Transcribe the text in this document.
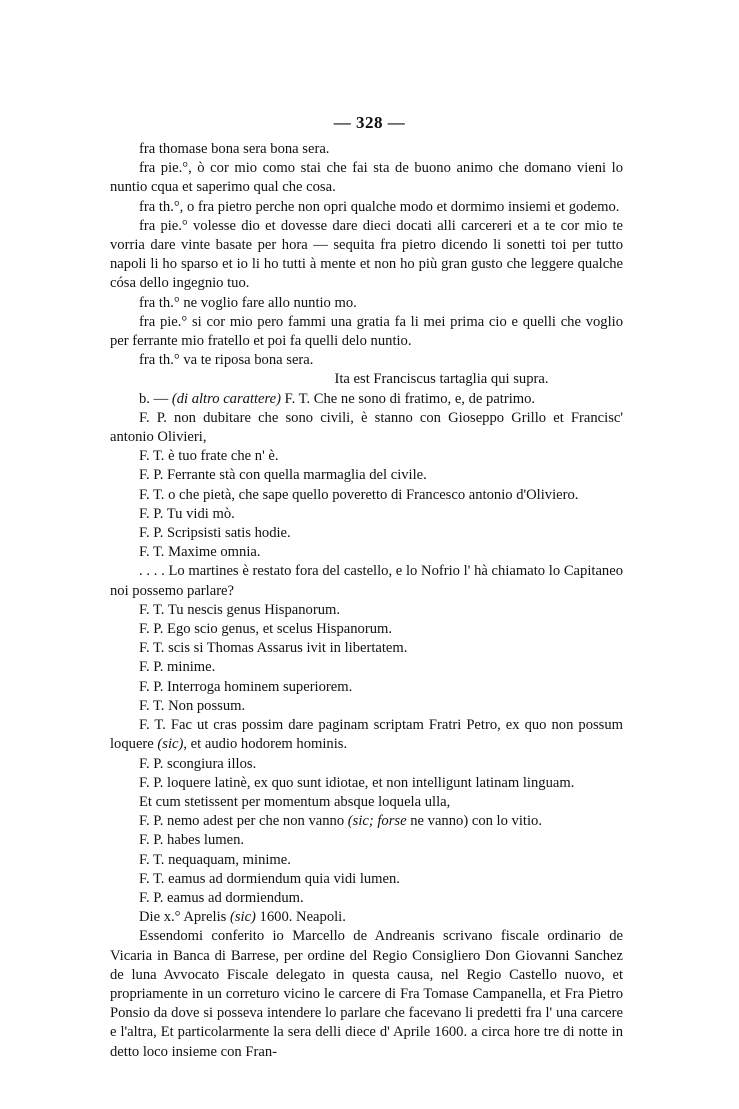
— 328 —

fra thomase bona sera bona sera.

fra pie.°, ò cor mio como stai che fai sta de buono animo che domano vieni lo nuntio cqua et saperimo qual che cosa.

fra th.°, o fra pietro perche non opri qualche modo et dormimo insiemi et godemo.

fra pie.° volesse dio et dovesse dare dieci docati alli carcereri et a te cor mio te vorria dare vinte basate per hora — sequita fra pietro dicendo li sonetti toi per tutto napoli li ho sparso et io li ho tutti à mente et non ho più gran gusto che leggere qualche cósa dello ingegnio tuo.

fra th.° ne voglio fare allo nuntio mo.

fra pie.° si cor mio pero fammi una gratia fa li mei prima cio e quelli che voglio per ferrante mio fratello et poi fa quelli delo nuntio.

fra th.° va te riposa bona sera.

Ita est Franciscus tartaglia qui supra.

b. — (di altro carattere) F. T. Che ne sono di fratimo, e, de patrimo.

F. P. non dubitare che sono civili, è stanno con Gioseppo Grillo et Francisc' antonio Olivieri,

F. T. è tuo frate che n' è.

F. P. Ferrante stà con quella marmaglia del civile.

F. T. o che pietà, che sape quello poveretto di Francesco antonio d'Oliviero.

F. P. Tu vidi mò.

F. P. Scripsisti satis hodie.

F. T. Maxime omnia.

. . . . Lo martines è restato fora del castello, e lo Nofrio l' hà chiamato lo Capitaneo noi possemo parlare?

F. T. Tu nescis genus Hispanorum.

F. P. Ego scio genus, et scelus Hispanorum.

F. T. scis si Thomas Assarus ivit in libertatem.

F. P. minime.

F. P. Interroga hominem superiorem.

F. T. Non possum.

F. T. Fac ut cras possim dare paginam scriptam Fratri Petro, ex quo non possum loquere (sic), et audio hodorem hominis.

F. P. scongiura illos.

F. P. loquere latinè, ex quo sunt idiotae, et non intelligunt latinam linguam.

Et cum stetissent per momentum absque loquela ulla,

F. P. nemo adest per che non vanno (sic; forse ne vanno) con lo vitio.

F. P. habes lumen.

F. T. nequaquam, minime.

F. T. eamus ad dormiendum quia vidi lumen.

F. P. eamus ad dormiendum.

Die x.° Aprelis (sic) 1600. Neapoli.

Essendomi conferito io Marcello de Andreanis scrivano fiscale ordinario de Vicaria in Banca di Barrese, per ordine del Regio Consigliero Don Giovanni Sanchez de luna Avvocato Fiscale delegato in questa causa, nel Regio Castello nuovo, et propriamente in un correturo vicino le carcere di Fra Tomase Campanella, et Fra Pietro Ponsio da dove si posseva intendere lo parlare che facevano li predetti fra l' una carcere e l'altra, Et particolarmente la sera delli diece d' Aprile 1600. a circa hore tre di notte in detto loco insieme con Fran-
